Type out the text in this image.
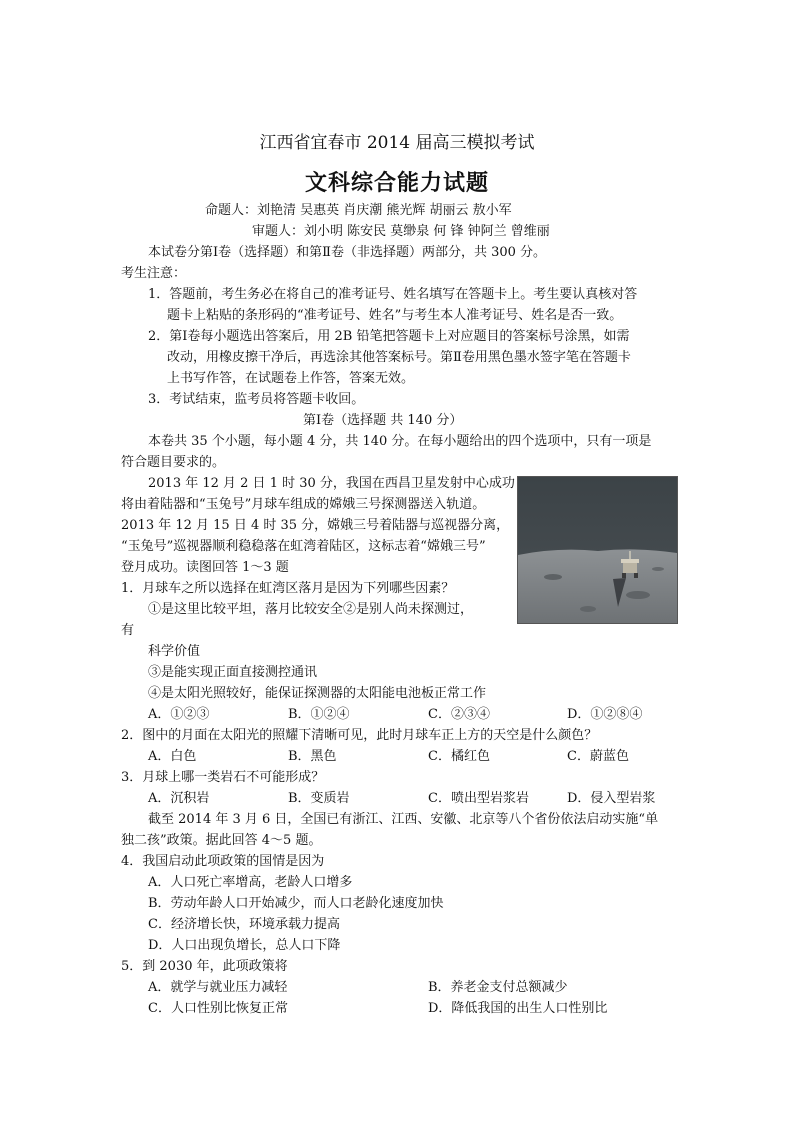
江西省宜春市 2014 届高三模拟考试
文科综合能力试题
命题人：刘艳清 吴惠英 肖庆潮 熊光辉 胡丽云 敖小军
审题人：刘小明 陈安民 莫缈泉 何 锋 钟阿兰 曾维丽
本试卷分第Ⅰ卷（选择题）和第Ⅱ卷（非选择题）两部分，共 300 分。
考生注意：
1．答题前，考生务必在将自己的准考证号、姓名填写在答题卡上。考生要认真核对答
题卡上粘贴的条形码的“准考证号、姓名”与考生本人准考证号、姓名是否一致。
2．第Ⅰ卷每小题选出答案后，用 2B 铅笔把答题卡上对应题目的答案标号涂黑，如需
改动，用橡皮擦干净后，再选涂其他答案标号。第Ⅱ卷用黑色墨水签字笔在答题卡
上书写作答，在试题卷上作答，答案无效。
3．考试结束，监考员将答题卡收回。
第Ⅰ卷（选择题 共 140 分）
本卷共 35 个小题，每小题 4 分，共 140 分。在每小题给出的四个选项中，只有一项是
符合题目要求的。
2013 年 12 月 2 日 1 时 30 分，我国在西昌卫星发射中心成功
将由着陆器和“玉兔号”月球车组成的嫦娥三号探测器送入轨道。
2013 年 12 月 15 日 4 时 35 分，嫦娥三号着陆器与巡视器分离，
“玉兔号”巡视器顺利稳稳落在虹湾着陆区，这标志着“嫦娥三号”
登月成功。读图回答 1～3 题
1．月球车之所以选择在虹湾区落月是因为下列哪些因素？
①是这里比较平坦，落月比较安全②是别人尚未探测过，
有
科学价值
③是能实现正面直接测控通讯
④是太阳光照较好，能保证探测器的太阳能电池板正常工作
A．①②③	B．①②④	C．②③④	D．①②⑧④
2．图中的月面在太阳光的照耀下清晰可见，此时月球车正上方的天空是什么颜色？
A．白色	B．黑色	C．橘红色	C．蔚蓝色
3．月球上哪一类岩石不可能形成？
A．沉积岩	B．变质岩	C．喷出型岩浆岩	D．侵入型岩浆
截至 2014 年 3 月 6 日，全国已有浙江、江西、安徽、北京等八个省份依法启动实施“单
独二孩”政策。据此回答 4～5 题。
4．我国启动此项政策的国情是因为
A．人口死亡率增高，老龄人口增多
B．劳动年龄人口开始减少，而人口老龄化速度加快
C．经济增长快，环境承载力提高
D．人口出现负增长，总人口下降
5．到 2030 年，此项政策将
A．就学与就业压力减轻	B．养老金支付总额减少
C．人口性别比恢复正常	D．降低我国的出生人口性别比
